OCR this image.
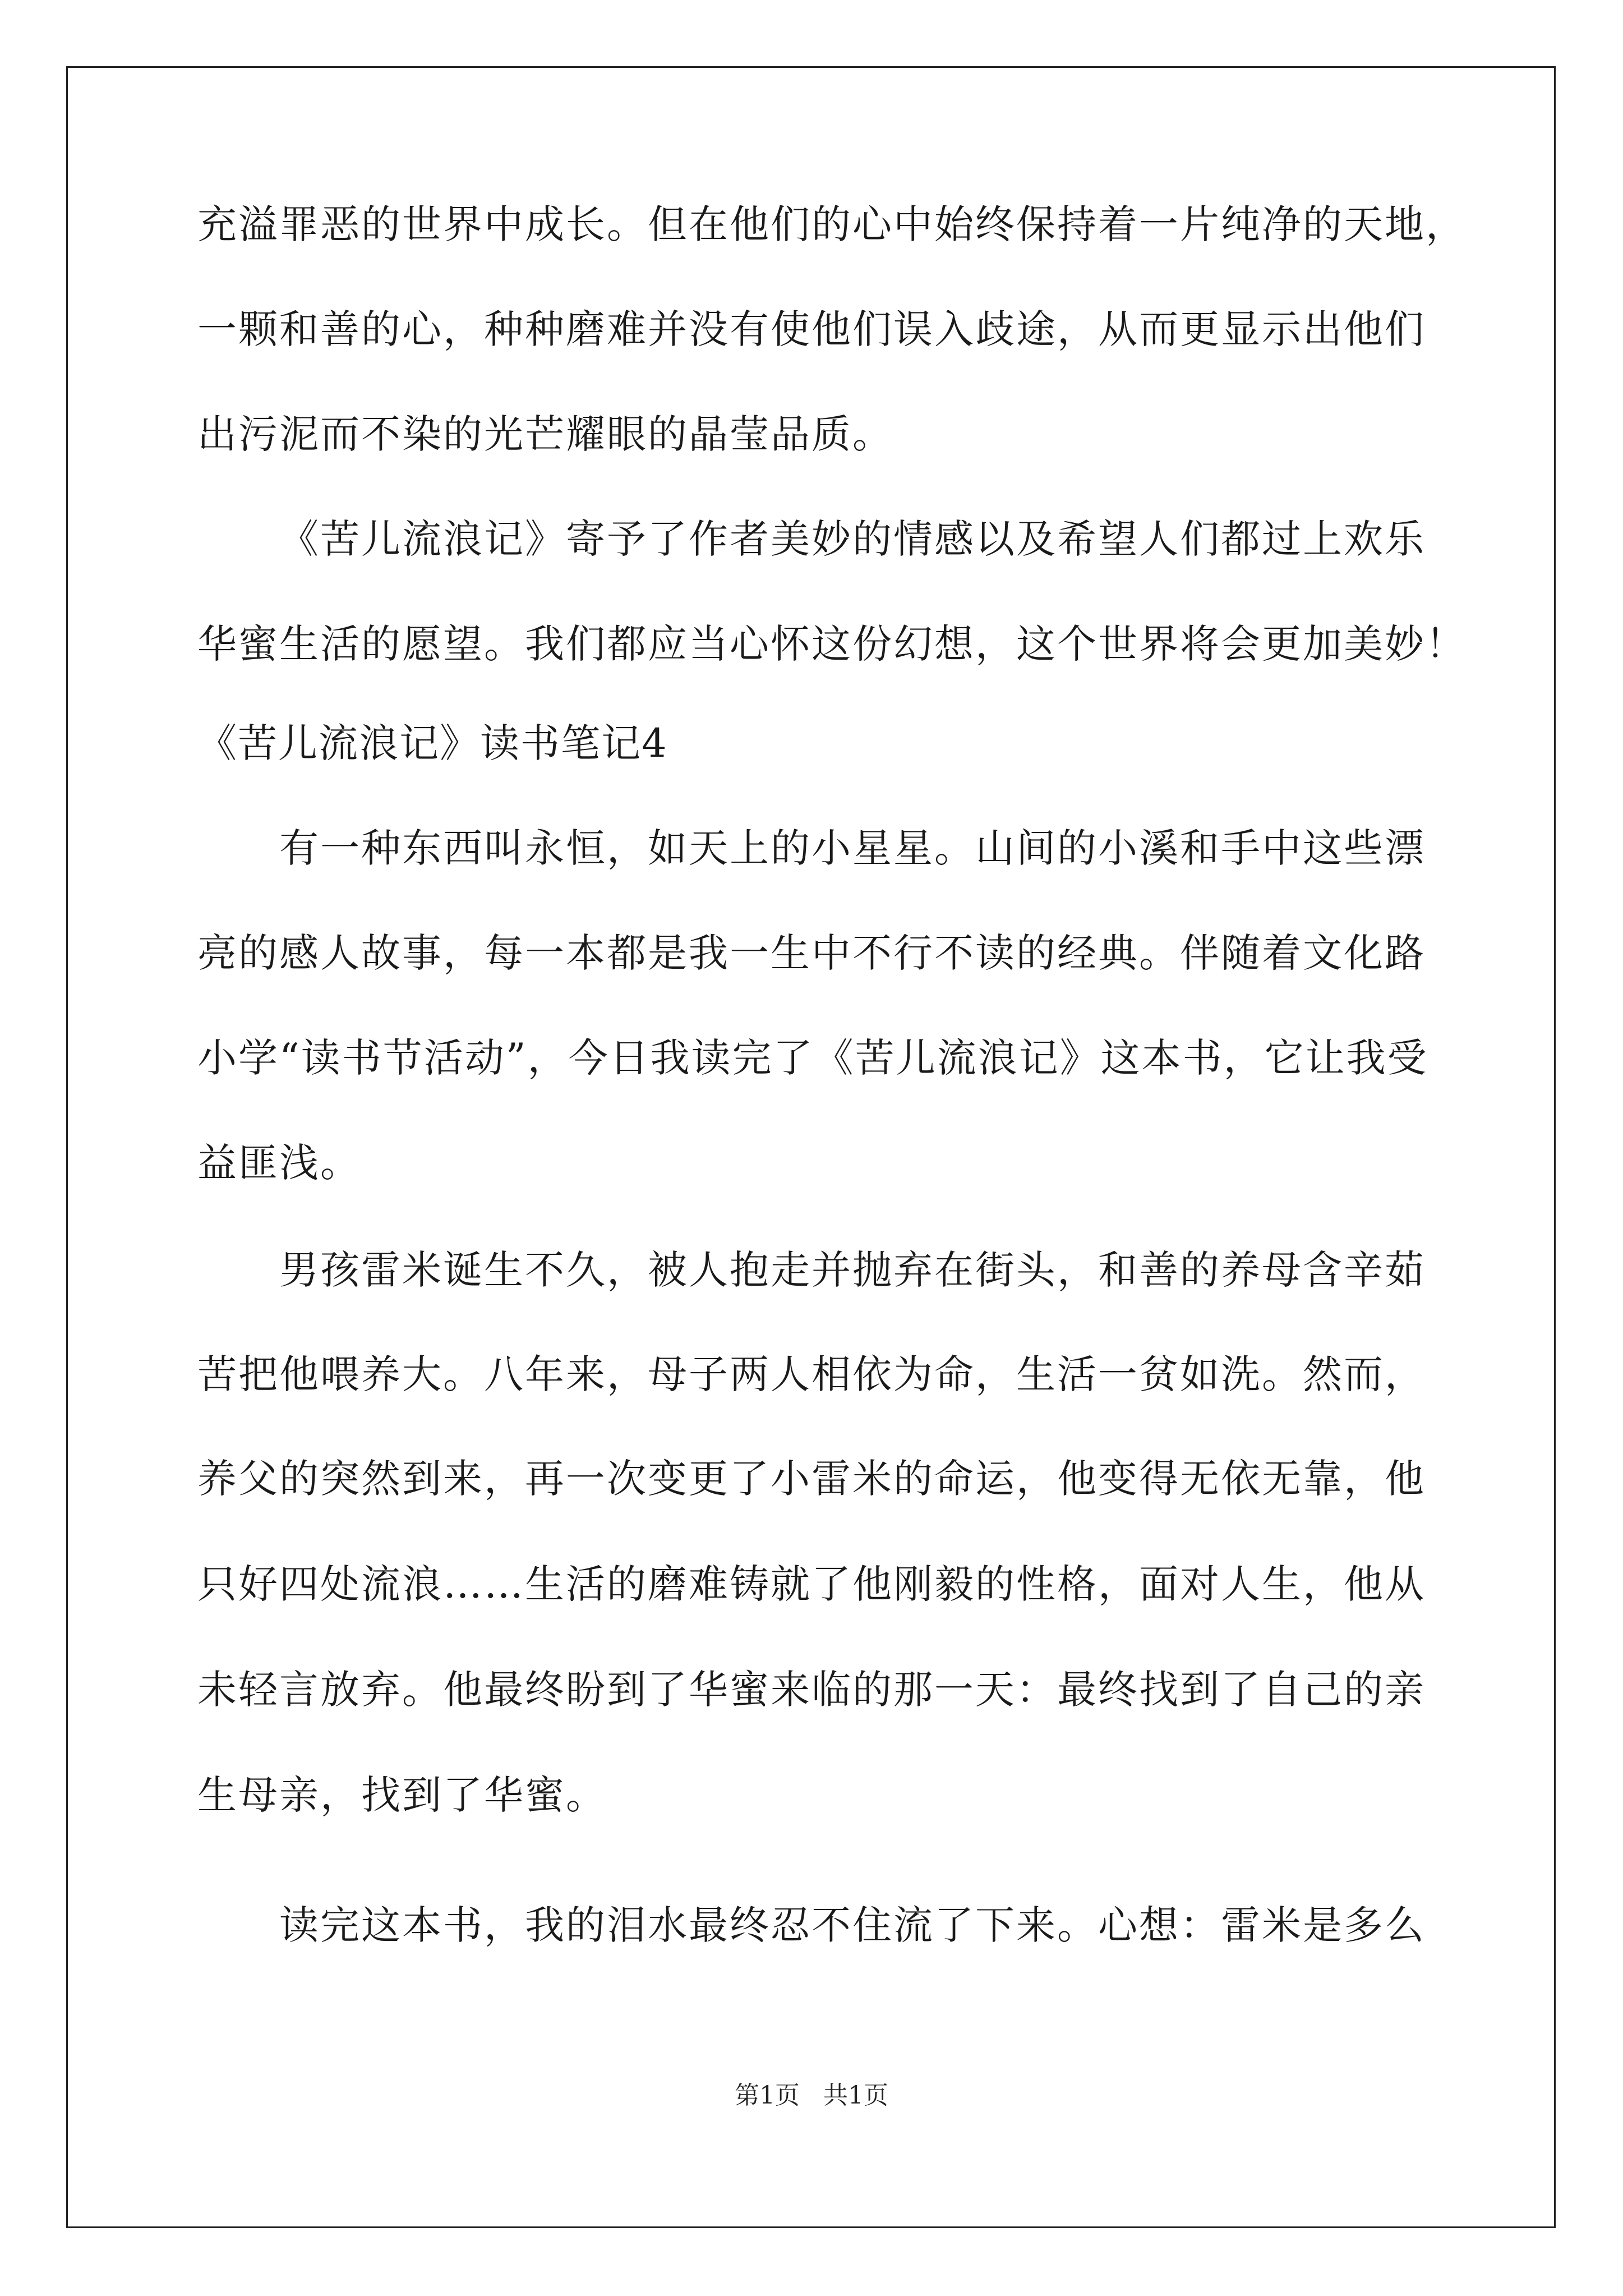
充溢罪恶的世界中成长。但在他们的心中始终保持着一片纯净的天地，
一颗和善的心，种种磨难并没有使他们误入歧途，从而更显示出他们
出污泥而不染的光芒耀眼的晶莹品质。
《苦儿流浪记》寄予了作者美妙的情感以及希望人们都过上欢乐
华蜜生活的愿望。我们都应当心怀这份幻想，这个世界将会更加美妙！
《苦儿流浪记》读书笔记4
有一种东西叫永恒，如天上的小星星。山间的小溪和手中这些漂
亮的感人故事，每一本都是我一生中不行不读的经典。伴随着文化路
小学“读书节活动”，今日我读完了《苦儿流浪记》这本书，它让我受
益匪浅。
男孩雷米诞生不久，被人抱走并抛弃在街头，和善的养母含辛茹
苦把他喂养大。八年来，母子两人相依为命，生活一贫如洗。然而，
养父的突然到来，再一次变更了小雷米的命运，他变得无依无靠，他
只好四处流浪……生活的磨难铸就了他刚毅的性格，面对人生，他从
未轻言放弃。他最终盼到了华蜜来临的那一天：最终找到了自己的亲
生母亲，找到了华蜜。
读完这本书，我的泪水最终忍不住流了下来。心想：雷米是多么
第1页 共1页
